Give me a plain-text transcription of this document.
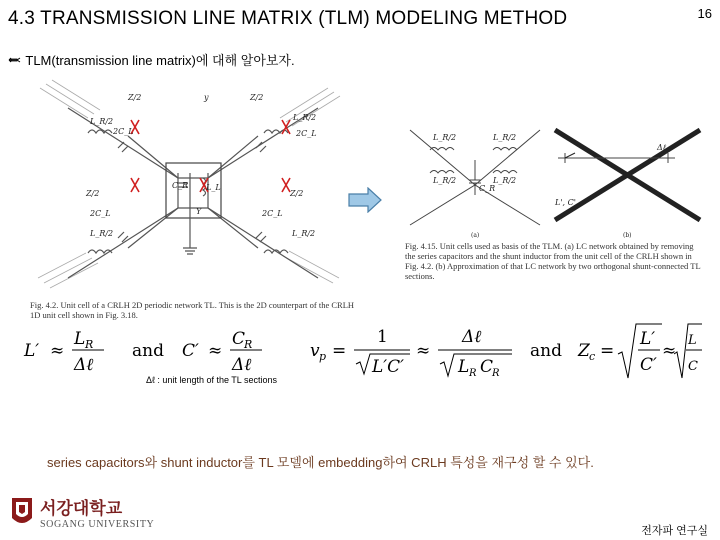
4.3 TRANSMISSION LINE MATRIX (TLM) MODELING METHOD	16
TLM(transmission line matrix)에 대해 알아보자.
Z/2
L_R/2
2C_L
Z/2
L_R/2
2C_L
Z/2
2C_L
L_R/2
Z/2
2C_L
L_R/2
C_R L_L
y
Y
Fig. 4.2. Unit cell of a CRLH 2D periodic network TL. This is the 2D counterpart of the CRLH 1D unit cell shown in Fig. 3.18.
L_R/2	L_R/2
L_R/2	L_R/2
C_R
Δℓ
L', C'
(a)	(b)
Fig. 4.15. Unit cells used as basis of the TLM. (a) LC network obtained by removing the series capacitors and the shunt inductor from the unit cell of the CRLH shown in Fig. 4.2. (b) Approximation of that LC network by two orthogonal shunt-connected TL sections.
L′ ≈
L R
Δℓ
and C′ ≈
C
R
Δℓ
v p =
1
L′C′
≈
Δℓ
L R C
R
and Z c =
L′
C′
≈
L
C
Δℓ : unit length of the TL sections
series capacitors와 shunt inductor를 TL 모델에 embedding하여 CRLH 특성을 재구성 할 수 있다.
서강대학교
SOGANG UNIVERSITY
전자파 연구실
